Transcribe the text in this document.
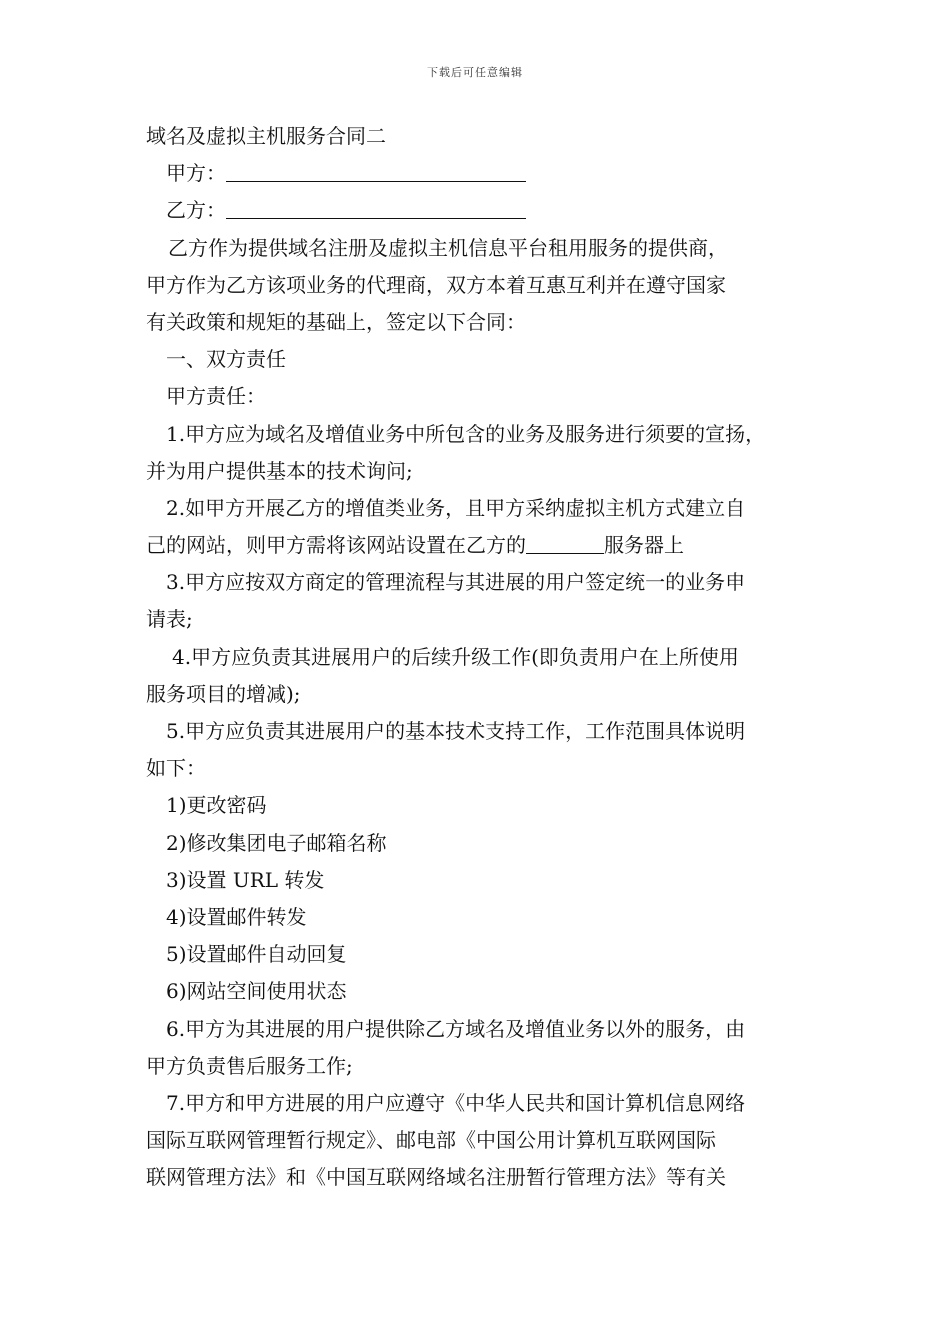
下载后可任意编辑
域名及虚拟主机服务合同二
甲方：
乙方：
乙方作为提供域名注册及虚拟主机信息平台租用服务的提供商，
甲方作为乙方该项业务的代理商，双方本着互惠互利并在遵守国家
有关政策和规矩的基础上，签定以下合同：
一、双方责任
甲方责任：
1.甲方应为域名及增值业务中所包含的业务及服务进行须要的宣扬，
并为用户提供基本的技术询问;
2.如甲方开展乙方的增值类业务，且甲方采纳虚拟主机方式建立自
己的网站，则甲方需将该网站设置在乙方的	服务器上
3.甲方应按双方商定的管理流程与其进展的用户签定统一的业务申
请表;
4.甲方应负责其进展用户的后续升级工作(即负责用户在上所使用
服务项目的增减);
5.甲方应负责其进展用户的基本技术支持工作，工作范围具体说明
如下：
1)更改密码
2)修改集团电子邮箱名称
3)设置 URL 转发
4)设置邮件转发
5)设置邮件自动回复
6)网站空间使用状态
6.甲方为其进展的用户提供除乙方域名及增值业务以外的服务，由
甲方负责售后服务工作;
7.甲方和甲方进展的用户应遵守《中华人民共和国计算机信息网络
国际互联网管理暂行规定》、邮电部《中国公用计算机互联网国际
联网管理方法》和《中国互联网络域名注册暂行管理方法》等有关
